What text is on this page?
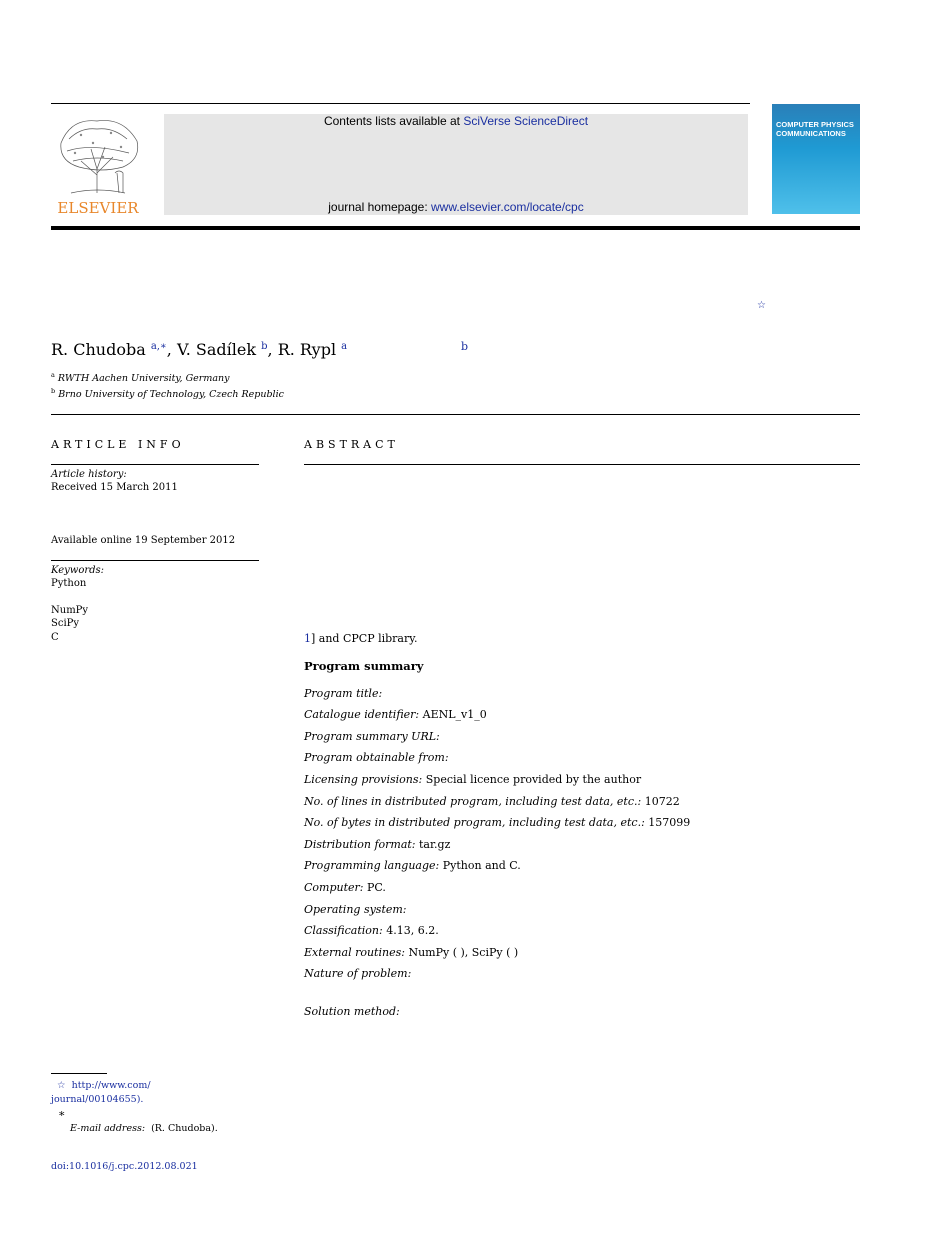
ELSEVIER
Contents lists available at SciVerse ScienceDirect
journal homepage: www.elsevier.com/locate/cpc
COMPUTER PHYSICS COMMUNICATIONS
☆
R. Chudoba $^{a,∗}$, V. Sadílek $^b$, R. Rypl $^a$	b
$^a$ RWTH Aachen University, Germany
$^b$ Brno University of Technology, Czech Republic
ARTICLE INFO
Article history:
Received 15 March 2011
Available online 19 September 2012
Keywords:
Python
NumPy
SciPy
C
ABSTRACT
1] and CPCP library.
Program summary
Program title:
Catalogue identifier: AENL_v1_0
Program summary URL:
Program obtainable from:
Licensing provisions: Special licence provided by the author
No. of lines in distributed program, including test data, etc.: 10722
No. of bytes in distributed program, including test data, etc.: 157099
Distribution format: tar.gz
Programming language: Python and C.
Computer: PC.
Operating system:
Classification: 4.13, 6.2.
External routines: NumPy ( ), SciPy ( )
Nature of problem:
Solution method:
☆ http://www.com/
journal/00104655).
∗
E-mail address: (R. Chudoba).
doi:10.1016/j.cpc.2012.08.021
